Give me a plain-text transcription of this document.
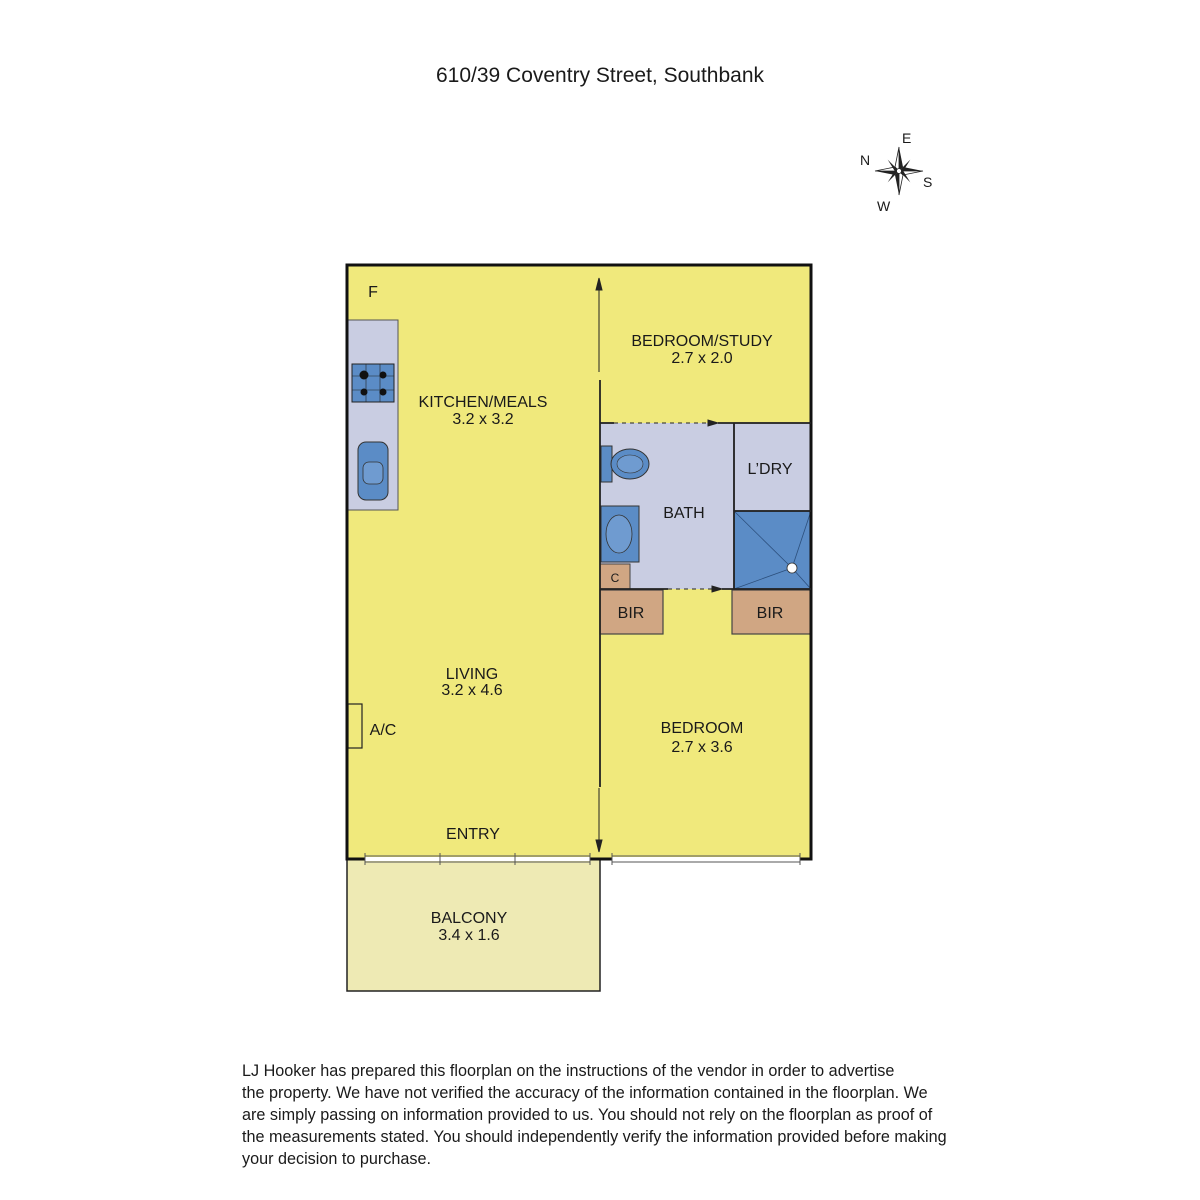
610/39 Coventry Street, Southbank
N
E
S
W
F
KITCHEN/MEALS
3.2 x 3.2
BEDROOM/STUDY
2.7 x 2.0
L’DRY
BATH
C
BIR	BIR
LIVING
3.2 x 4.6
A/C	BEDROOM
2.7 x 3.6
ENTRY
BALCONY
3.4 x 1.6
LJ Hooker has prepared this floorplan on the instructions of the vendor in order to advertise
the property. We have not verified the accuracy of the information contained in the floorplan. We
are simply passing on information provided to us. You should not rely on the floorplan as proof of
the measurements stated. You should independently verify the information provided before making
your decision to purchase.
